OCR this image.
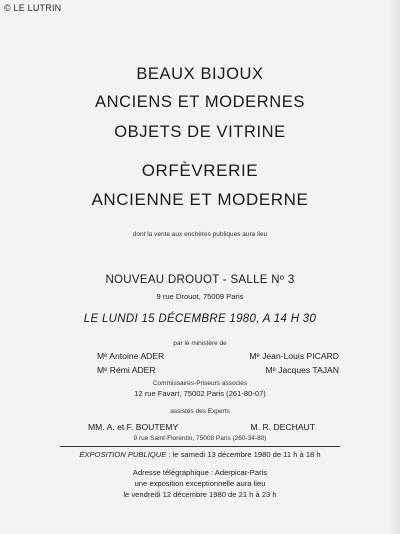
© LE LUTRIN
BEAUX BIJOUX
ANCIENS ET MODERNES
OBJETS DE VITRINE
ORFÈVRERIE
ANCIENNE ET MODERNE
dont la vente aux enchères publiques aura lieu
NOUVEAU DROUOT - SALLE Nº 3
9 rue Drouot, 75009 Paris
LE LUNDI 15 DÉCEMBRE 1980, A 14 H 30
par le ministère de
Mᵉ Antoine ADER	Mᵉ Jean-Louis PICARD
Mᵉ Rémi ADER	Mᵉ Jacques TAJAN
Commissaires-Priseurs associés
12 rue Favart, 75002 Paris (261-80-07)
assistés des Experts
MM. A. et F. BOUTEMY	M. R. DECHAUT
9 rue Saint-Florentin, 75008 Paris (260-34-80)
EXPOSITION PUBLIQUE : le samedi 13 décembre 1980 de 11 h à 18 h
Adresse télégraphique : Aderpicar-Paris
une exposition exceptionnelle aura lieu
le vendredi 12 décembre 1980 de 21 h à 23 h
